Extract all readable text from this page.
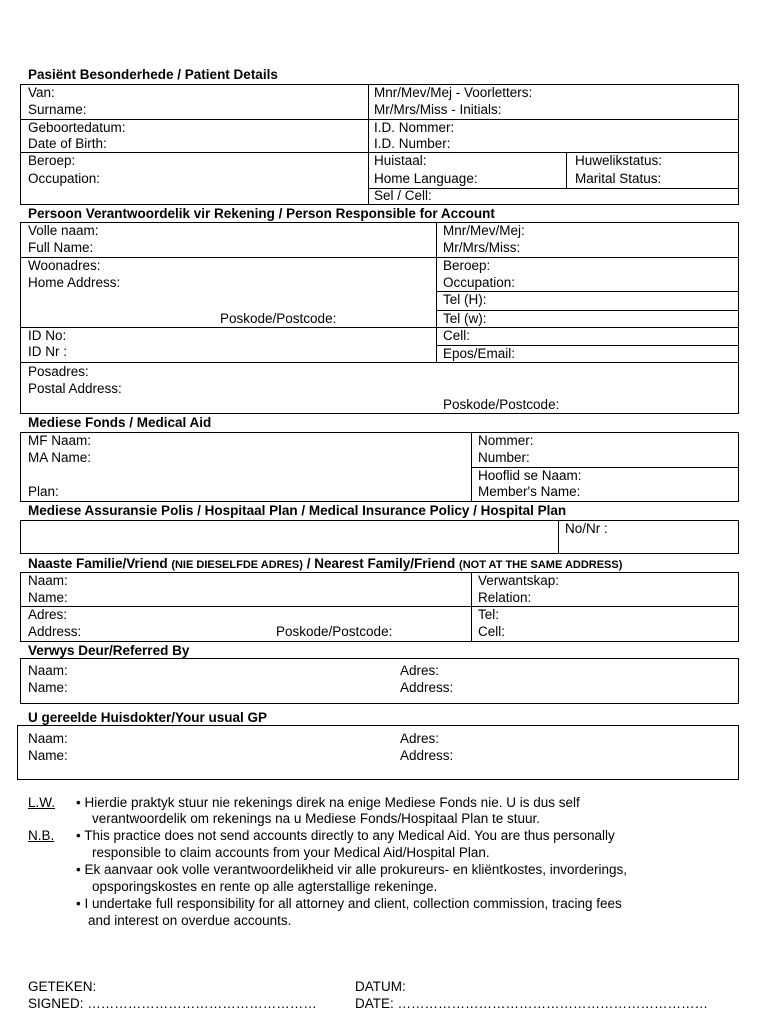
Pasiënt Besonderhede / Patient Details
Van:
Surname:
Mnr/Mev/Mej - Voorletters:
Mr/Mrs/Miss - Initials:
Geboortedatum:
Date of Birth:
I.D. Nommer:
I.D. Number:
Beroep:
Occupation:
Huistaal:
Home Language:
Huwelikstatus:
Marital Status:
Sel / Cell:
Persoon Verantwoordelik vir Rekening / Person Responsible for Account
Volle naam:
Full Name:
Mnr/Mev/Mej:
Mr/Mrs/Miss:
Woonadres:
Home Address:
Poskode/Postcode:
Beroep:
Occupation:
Tel (H):
Tel (w):
ID No:
ID Nr :
Cell:
Epos/Email:
Posadres:
Postal Address:
Poskode/Postcode:
Mediese Fonds / Medical Aid
MF Naam:
MA Name:
Plan:
Nommer:
Number:
Hooflid se Naam:
Member's Name:
Mediese Assuransie Polis / Hospitaal Plan / Medical Insurance Policy / Hospital Plan
No/Nr :
Naaste Familie/Vriend (NIE DIESELFDE ADRES) / Nearest Family/Friend (NOT AT THE SAME ADDRESS)
Naam:
Name:
Verwantskap:
Relation:
Adres:
Address:	Poskode/Postcode:
Tel:
Cell:
Verwys Deur/Referred By
Naam:
Name:
Adres:
Address:
U gereelde Huisdokter/Your usual GP
Naam:
Name:
Adres:
Address:
L.W.
N.B.
• Hierdie praktyk stuur nie rekenings direk na enige Mediese Fonds nie. U is dus self
verantwoordelik om rekenings na u Mediese Fonds/Hospitaal Plan te stuur.
• This practice does not send accounts directly to any Medical Aid. You are thus personally
responsible to claim accounts from your Medical Aid/Hospital Plan.
• Ek aanvaar ook volle verantwoordelikheid vir alle prokureurs- en kliëntkostes, invorderings,
opsporingskostes en rente op alle agterstallige rekeninge.
• I undertake full responsibility for all attorney and client, collection commission, tracing fees
and interest on overdue accounts.
GETEKEN:
SIGNED: ……………………………………………
DATUM:
DATE: ……………………………………………………………
